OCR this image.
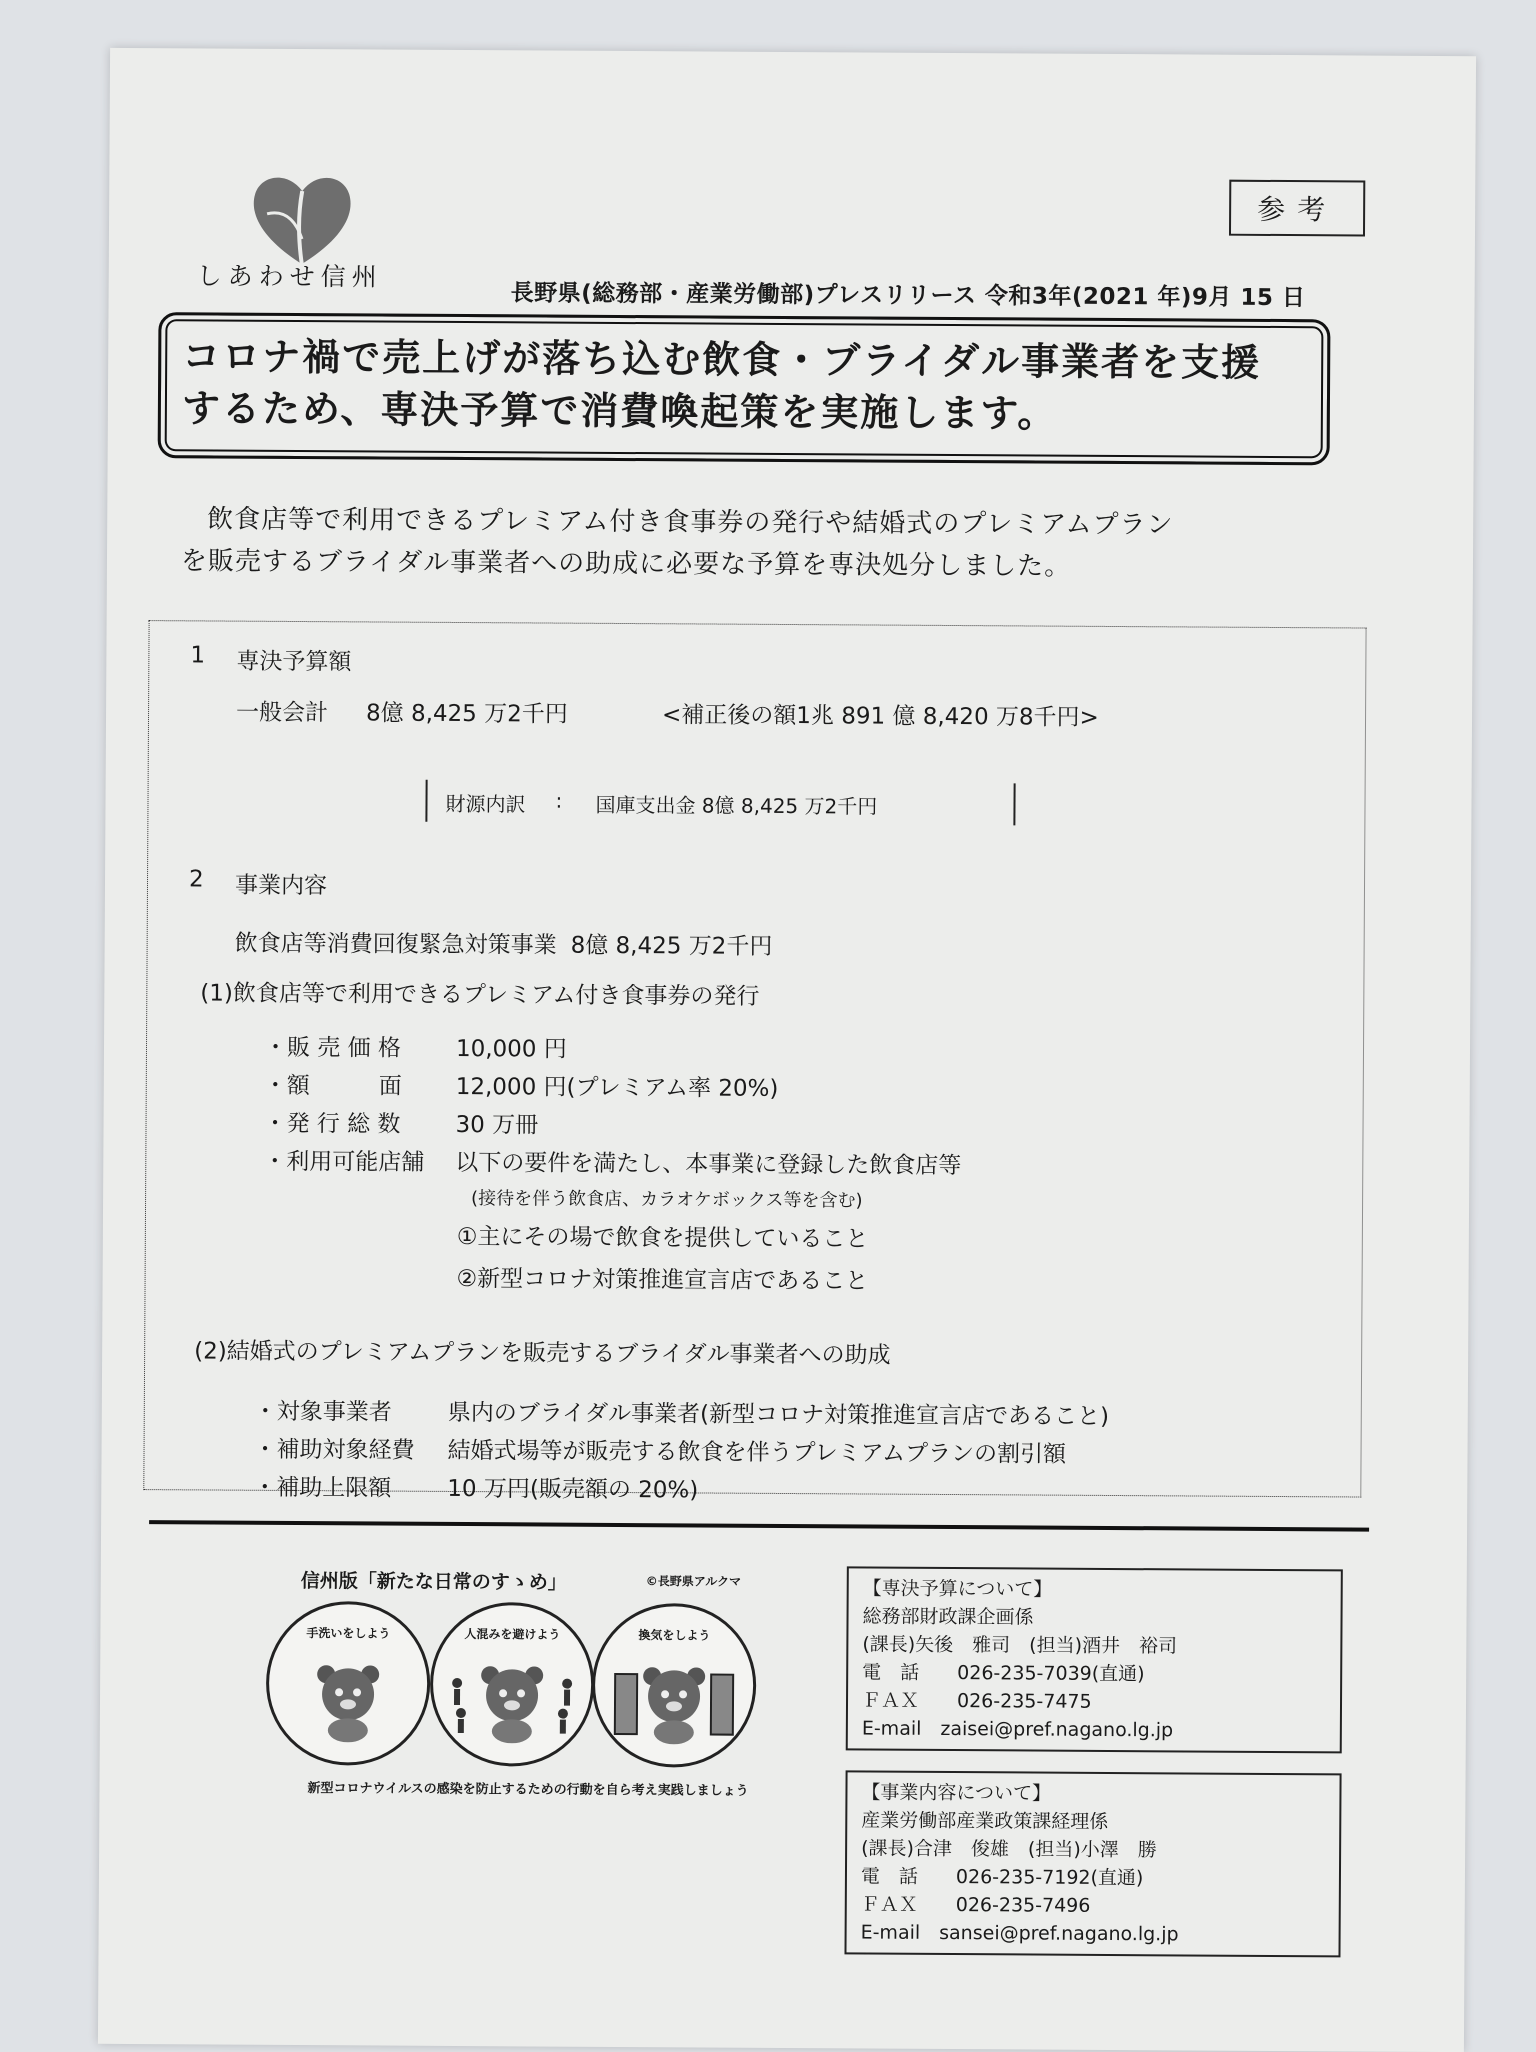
しあわせ信州
参考
長野県(総務部・産業労働部)プレスリリース 令和3年(2021 年)9月 15 日
コロナ禍で売上げが落ち込む飲食・ブライダル事業者を支援
するため、専決予算で消費喚起策を実施します。
飲食店等で利用できるプレミアム付き食事券の発行や結婚式のプレミアムプラン
を販売するブライダル事業者への助成に必要な予算を専決処分しました。
1 専決予算額
一般会計 8億 8,425 万2千円	<補正後の額1兆 891 億 8,420 万8千円>
財源内訳 : 国庫支出金 8億 8,425 万2千円
2 事業内容
飲食店等消費回復緊急対策事業 8億 8,425 万2千円
(1)飲食店等で利用できるプレミアム付き食事券の発行
・販 売 価 格 10,000 円
・額　　　面 12,000 円(プレミアム率 20%)
・発 行 総 数 30 万冊
・利用可能店舗 以下の要件を満たし、本事業に登録した飲食店等
(接待を伴う飲食店、カラオケボックス等を含む)
①主にその場で飲食を提供していること
②新型コロナ対策推進宣言店であること
(2)結婚式のプレミアムプランを販売するブライダル事業者への助成
・対象事業者 県内のブライダル事業者(新型コロナ対策推進宣言店であること)
・補助対象経費 結婚式場等が販売する飲食を伴うプレミアムプランの割引額
・補助上限額 10 万円(販売額の 20%)
信州版「新たな日常のすゝめ」	©長野県アルクマ
手洗いをしよう	人混みを避けよう	換気をしよう
新型コロナウイルスの感染を防止するための行動を自ら考え実践しましょう
【専決予算について】
総務部財政課企画係
(課長)矢後　雅司　(担当)酒井　裕司
電　話　　026-235-7039(直通)
ＦＡＸ　　026-235-7475
E-mail　zaisei@pref.nagano.lg.jp
【事業内容について】
産業労働部産業政策課経理係
(課長)合津　俊雄　(担当)小澤　勝
電　話　　026-235-7192(直通)
ＦＡＸ　　026-235-7496
E-mail　sansei@pref.nagano.lg.jp
